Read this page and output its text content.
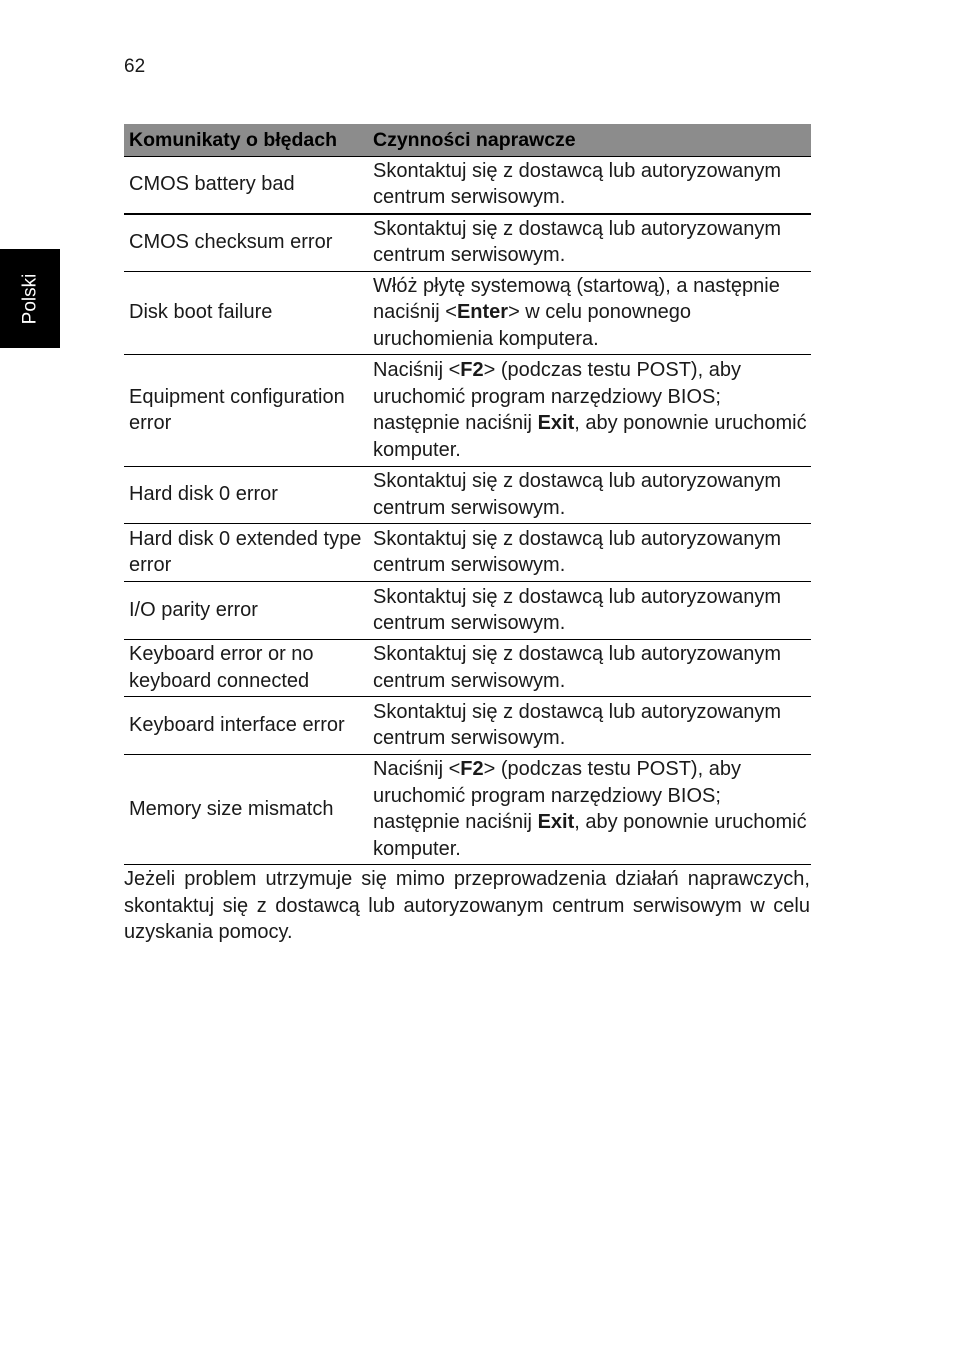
62
Polski
Komunikaty o błędach	Czynności naprawcze
CMOS battery bad	Skontaktuj się z dostawcą lub autoryzowanym centrum serwisowym.
CMOS checksum error	Skontaktuj się z dostawcą lub autoryzowanym centrum serwisowym.
Disk boot failure	Włóż płytę systemową (startową), a następnie naciśnij <Enter> w celu ponownego uruchomienia komputera.
Equipment configuration error	Naciśnij <F2> (podczas testu POST), aby uruchomić program narzędziowy BIOS; następnie naciśnij Exit, aby ponownie uruchomić komputer.
Hard disk 0 error	Skontaktuj się z dostawcą lub autoryzowanym centrum serwisowym.
Hard disk 0 extended type error	Skontaktuj się z dostawcą lub autoryzowanym centrum serwisowym.
I/O parity error	Skontaktuj się z dostawcą lub autoryzowanym centrum serwisowym.
Keyboard error or no keyboard connected	Skontaktuj się z dostawcą lub autoryzowanym centrum serwisowym.
Keyboard interface error	Skontaktuj się z dostawcą lub autoryzowanym centrum serwisowym.
Memory size mismatch	Naciśnij <F2> (podczas testu POST), aby uruchomić program narzędziowy BIOS; następnie naciśnij Exit, aby ponownie uruchomić komputer.
Jeżeli problem utrzymuje się mimo przeprowadzenia działań naprawczych, skontaktuj się z dostawcą lub autoryzowanym centrum serwisowym w celu uzyskania pomocy.
